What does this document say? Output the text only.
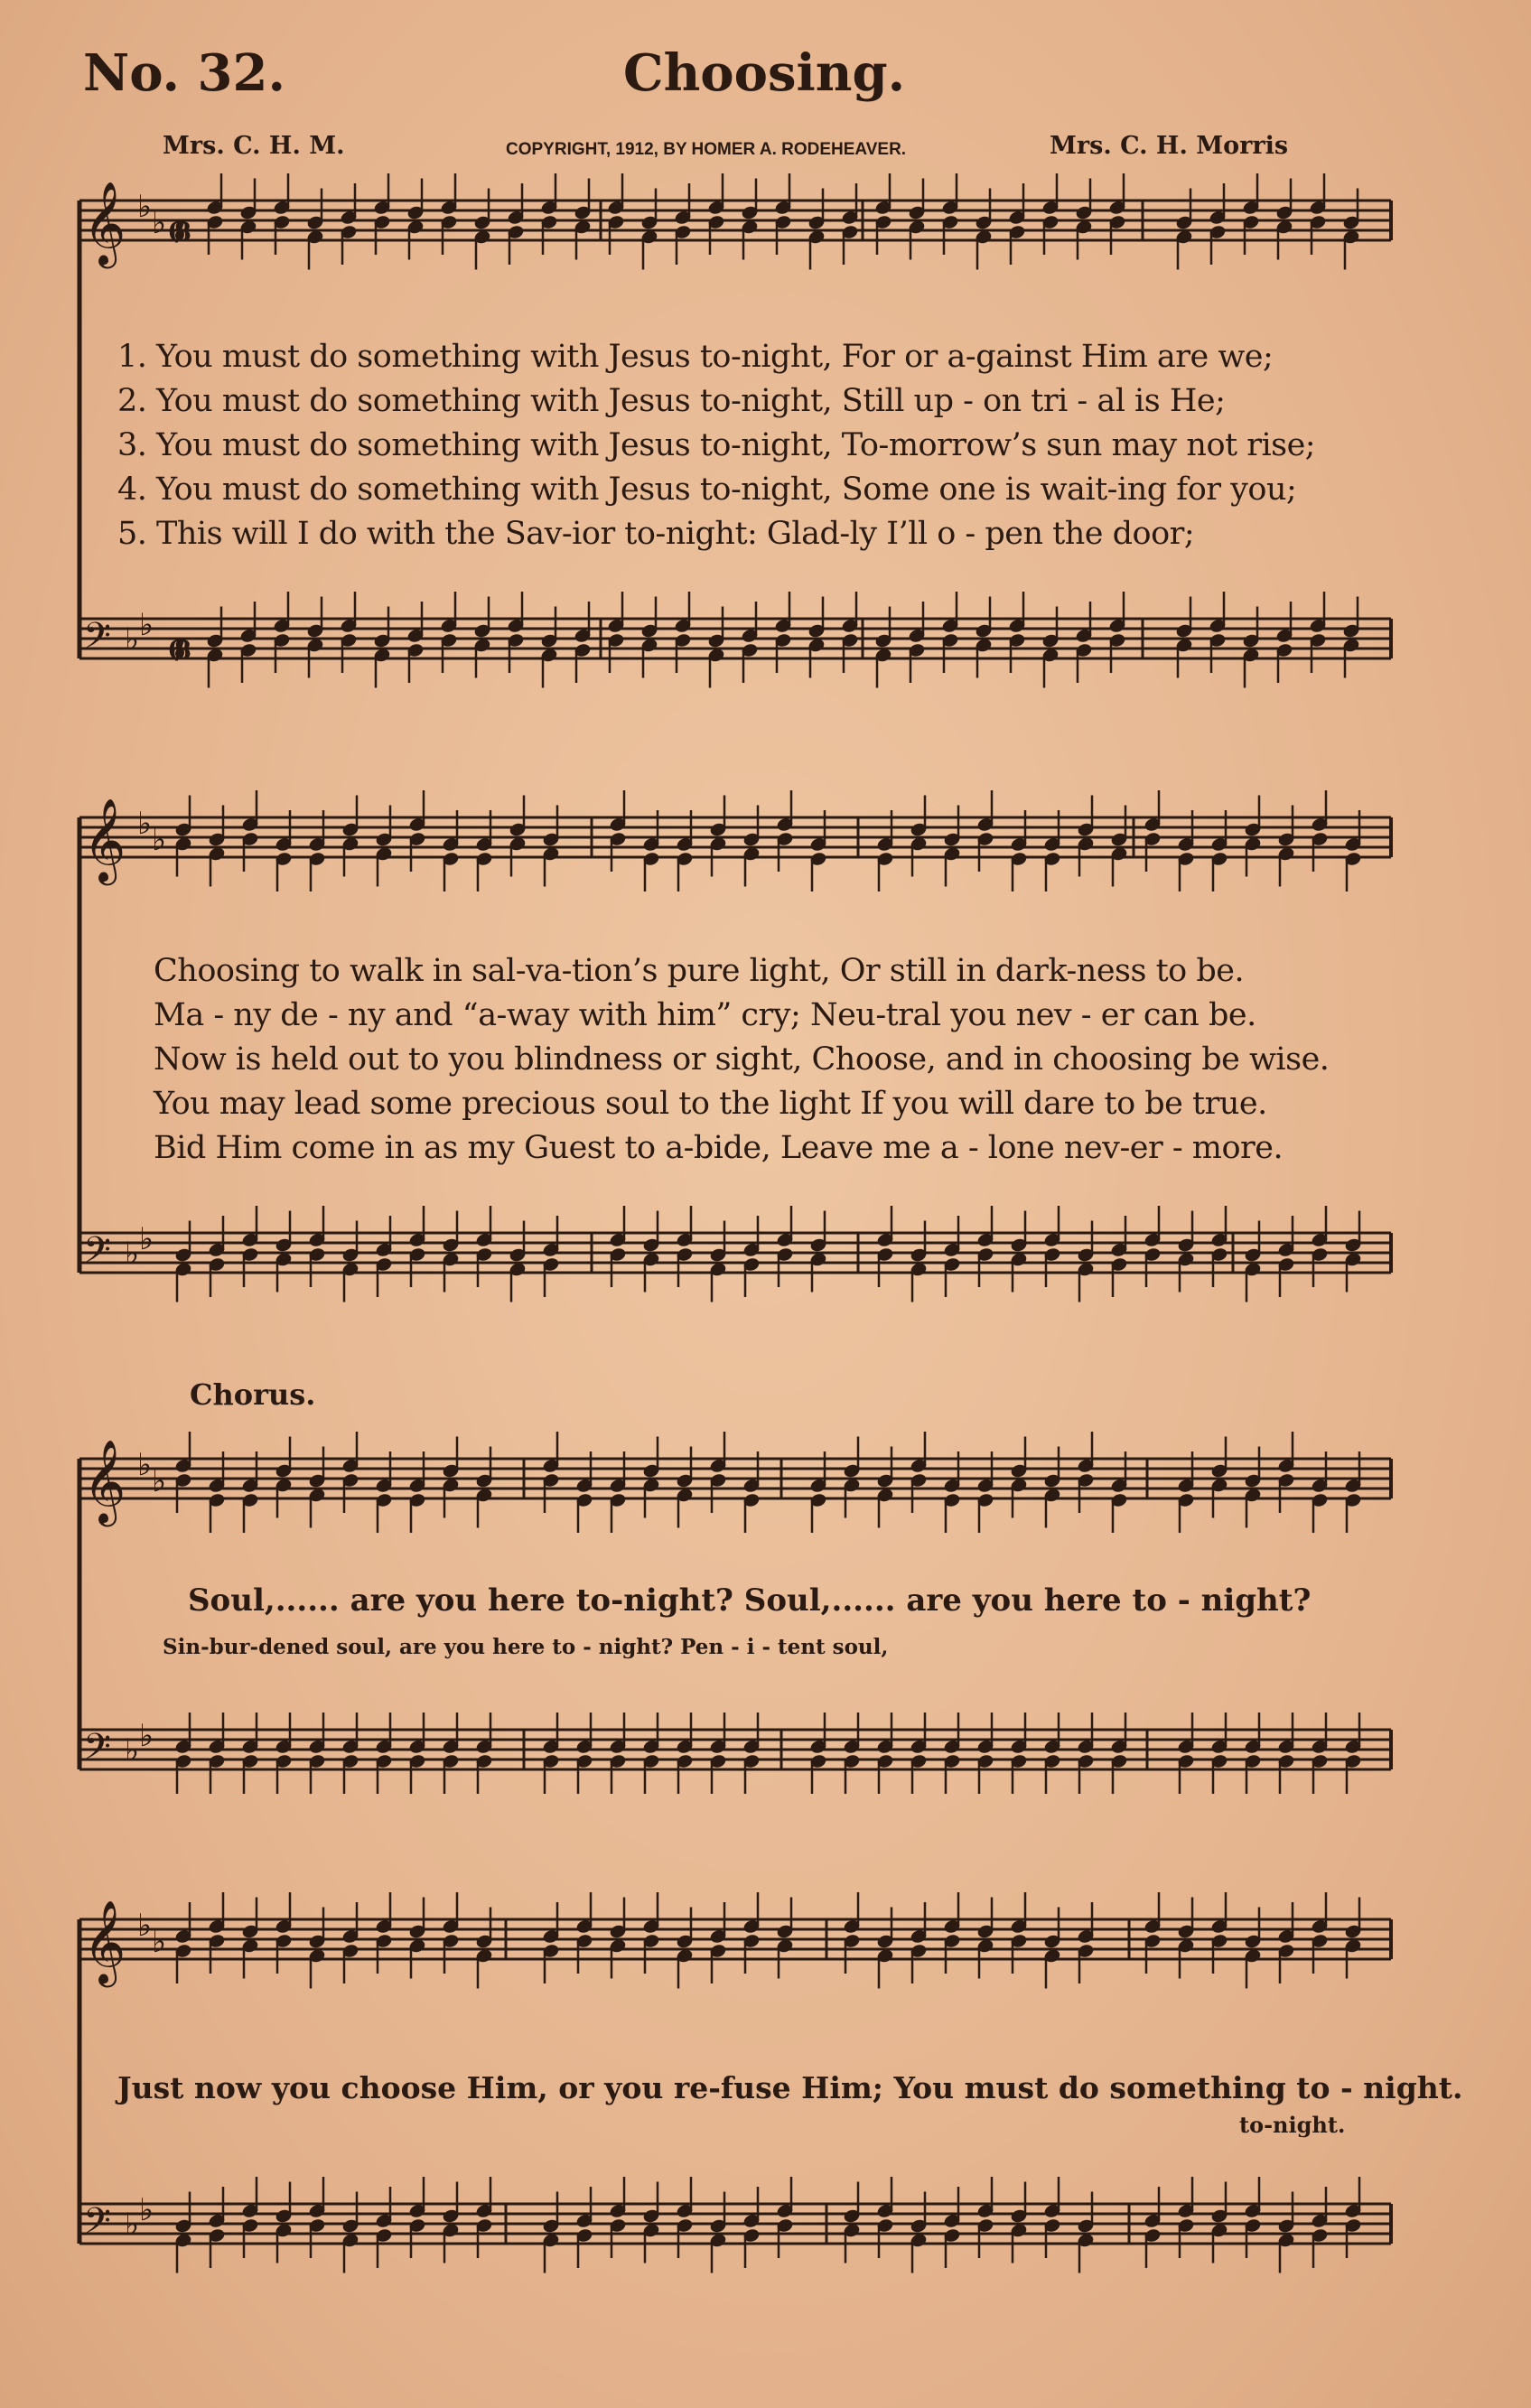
No. 32.	Choosing.
Mrs. C. H. M.	COPYRIGHT, 1912, BY HOMER A. RODEHEAVER.	Mrs. C. H. Morris
𝄞 ♭ ♭ 6/8
𝄢 ♭ ♭
6/8
𝄞 ♭ ♭
𝄢 ♭ ♭
𝄞 ♭ ♭
𝄢 ♭ ♭
𝄞 ♭ ♭
𝄢 ♭ ♭
1. You must do something with Jesus to-night, For or a-gainst Him are we;
2. You must do something with Jesus to-night, Still up - on tri - al is He;
3. You must do something with Jesus to-night, To-morrow’s sun may not rise;
4. You must do something with Jesus to-night, Some one is wait-ing for you;
5. This will I do with the Sav-ior to-night: Glad-ly I’ll o - pen the door;
Choosing to walk in sal-va-tion’s pure light, Or still in dark-ness to be.
Ma - ny de - ny and “a-way with him” cry; Neu-tral you nev - er can be.
Now is held out to you blindness or sight, Choose, and in choosing be wise.
You may lead some precious soul to the light If you will dare to be true.
Bid Him come in as my Guest to a-bide, Leave me a - lone nev-er - more.
Chorus.
Soul,...... are you here to-night? Soul,...... are you here to - night?
Sin-bur-dened soul, are you here to - night? Pen - i - tent soul,
Just now you choose Him, or you re-fuse Him; You must do something to - night.
to-night.
